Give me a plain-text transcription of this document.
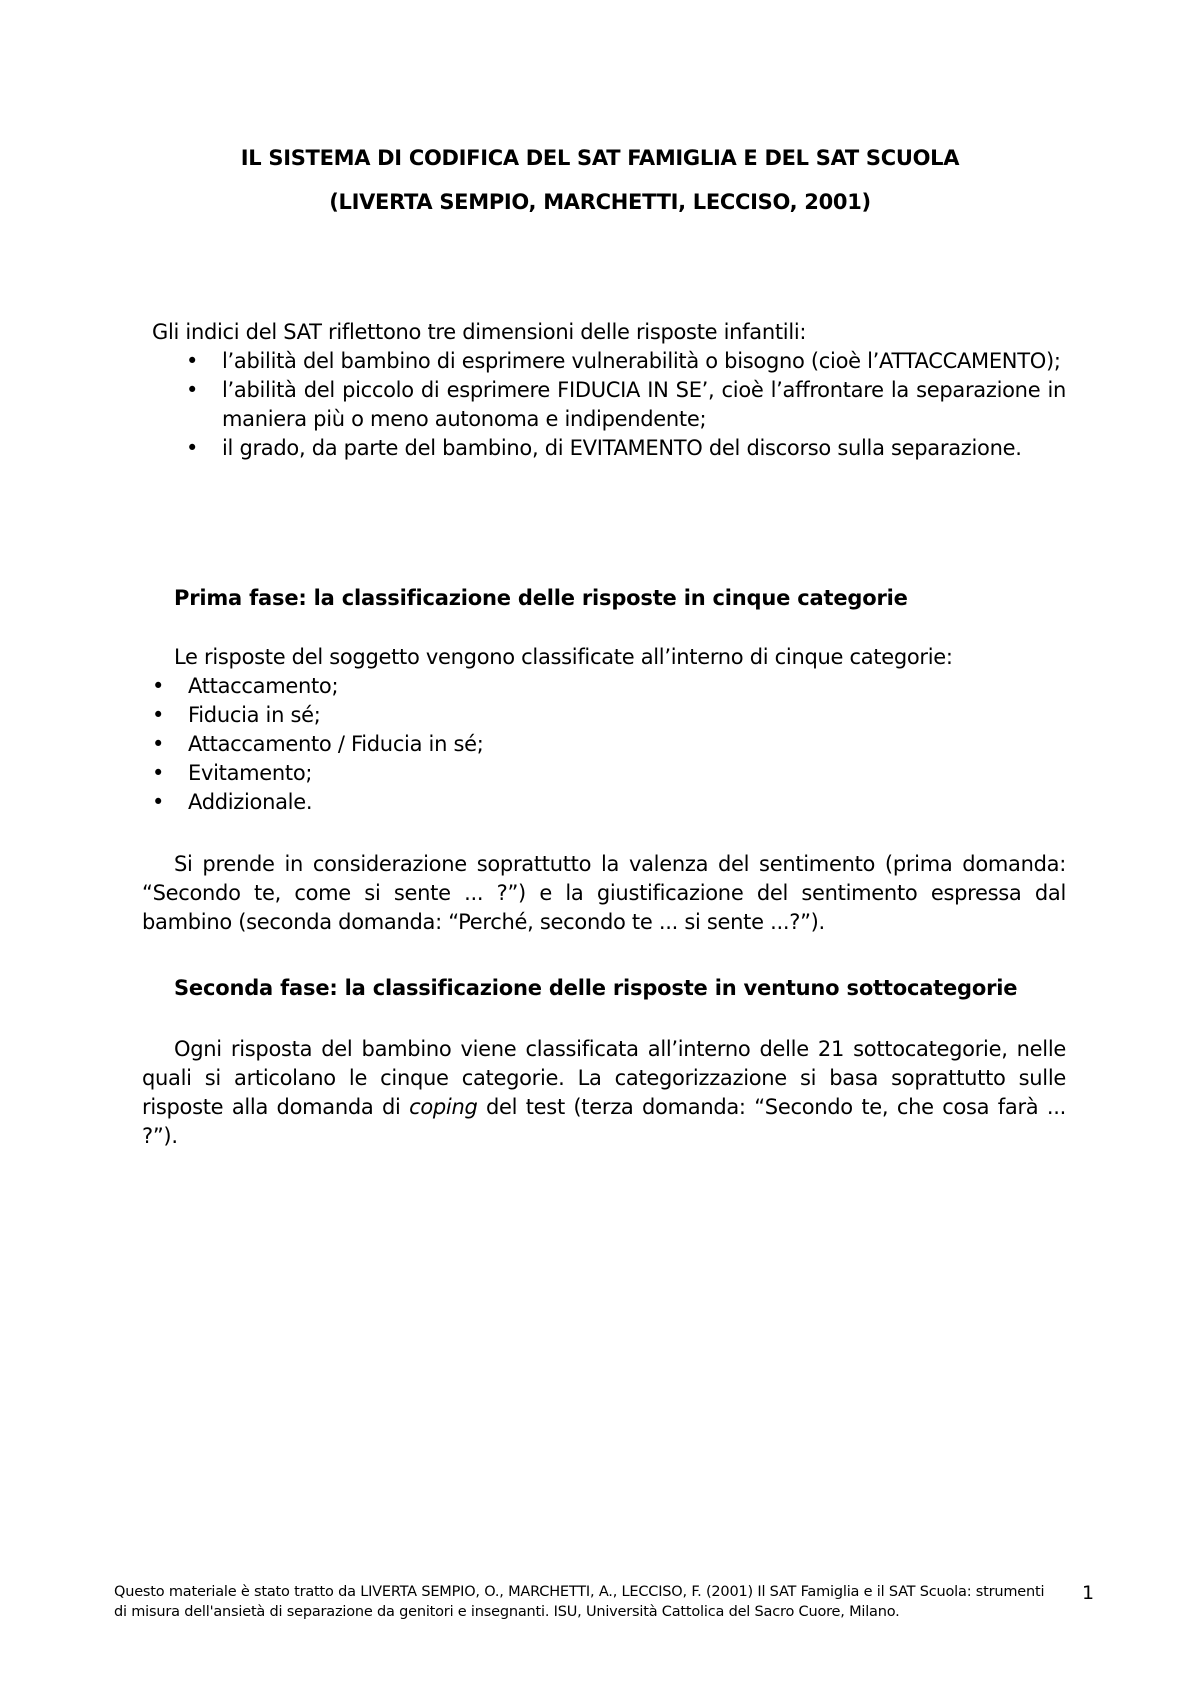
IL SISTEMA DI CODIFICA DEL SAT FAMIGLIA E DEL SAT SCUOLA
(LIVERTA SEMPIO, MARCHETTI, LECCISO, 2001)
Gli indici del SAT riflettono tre dimensioni delle risposte infantili:
• l’abilità del bambino di esprimere vulnerabilità o bisogno (cioè l’ATTACCAMENTO);
• l’abilità del piccolo di esprimere FIDUCIA IN SE’, cioè l’affrontare la separazione in maniera più o meno autonoma e indipendente;
• il grado, da parte del bambino, di EVITAMENTO del discorso sulla separazione.
Prima fase: la classificazione delle risposte in cinque categorie
Le risposte del soggetto vengono classificate all’interno di cinque categorie:
• Attaccamento;
• Fiducia in sé;
• Attaccamento / Fiducia in sé;
• Evitamento;
• Addizionale.
Si prende in considerazione soprattutto la valenza del sentimento (prima domanda: “Secondo te, come si sente ... ?”) e la giustificazione del sentimento espressa dal bambino (seconda domanda: “Perché, secondo te ... si sente ...?”).
Seconda fase: la classificazione delle risposte in ventuno sottocategorie
Ogni risposta del bambino viene classificata all’interno delle 21 sottocategorie, nelle quali si articolano le cinque categorie. La categorizzazione si basa soprattutto sulle risposte alla domanda di coping del test (terza domanda: “Secondo te, che cosa farà ... ?”).
Questo materiale è stato tratto da LIVERTA SEMPIO, O., MARCHETTI, A., LECCISO, F. (2001) Il SAT Famiglia e il SAT Scuola: strumenti di misura dell'ansietà di separazione da genitori e insegnanti. ISU, Università Cattolica del Sacro Cuore, Milano.
1
